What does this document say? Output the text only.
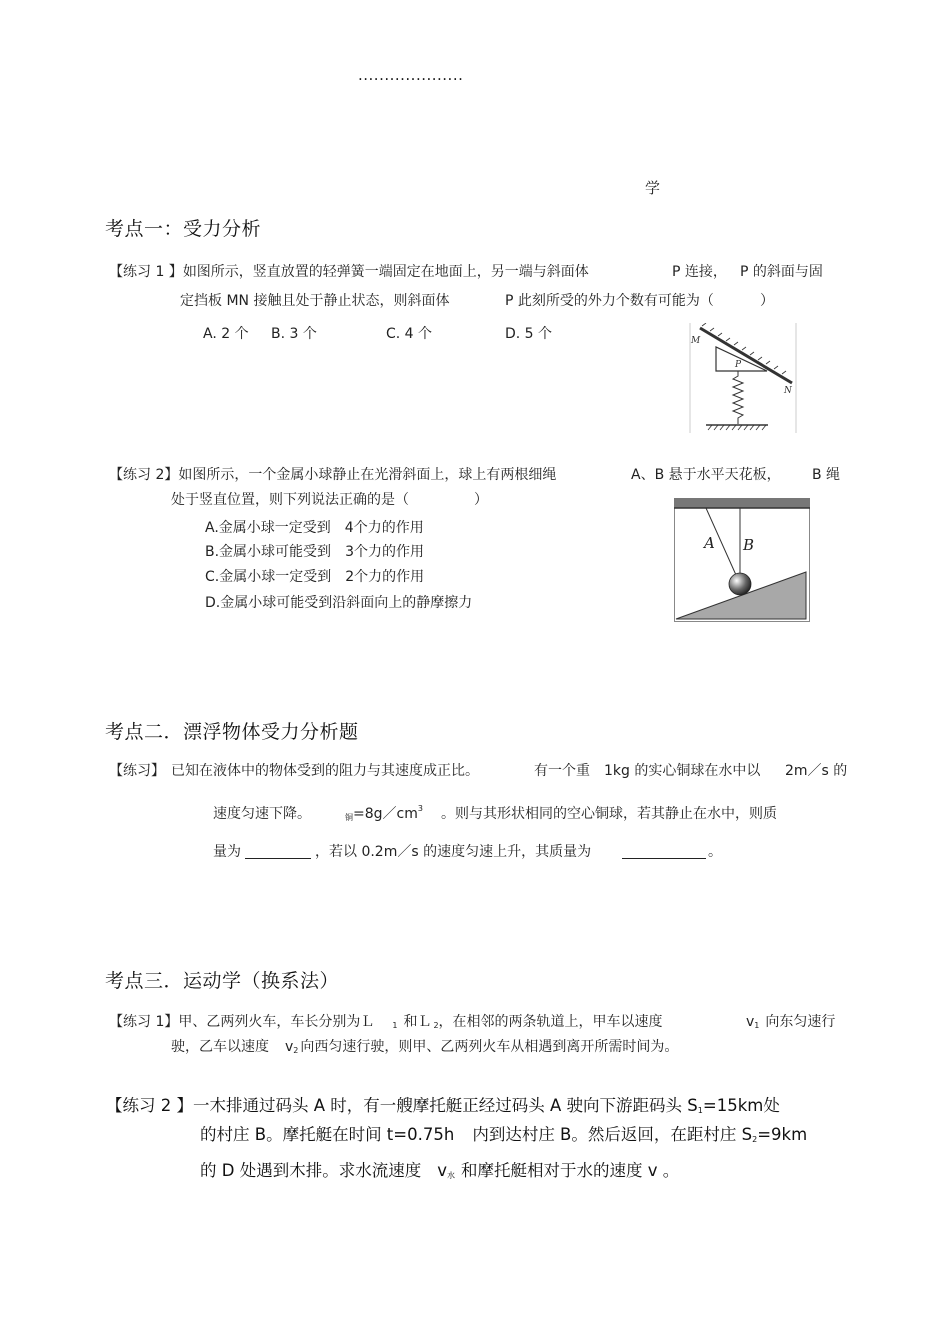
....................
学
考点一：受力分析
【练习 1 】如图所示，竖直放置的轻弹簧一端固定在地面上，另一端与斜面体	P 连接， P 的斜面与固
定挡板 MN 接触且处于静止状态，则斜面体	P 此刻所受的外力个数有可能为（	）
A. 2 个 B. 3 个	C. 4 个	D. 5 个	M
P
N
【练习 2】如图所示，一个金属小球静止在光滑斜面上，球上有两根细绳	A、B 悬于水平天花板， B 绳
处于竖直位置，则下列说法正确的是（	）
A.金属小球一定受到 4个力的作用
B.金属小球可能受到 3个力的作用
C.金属小球一定受到 2个力的作用
D.金属小球可能受到沿斜面向上的静摩擦力
A B
考点二．漂浮物体受力分析题
【练习】 已知在液体中的物体受到的阻力与其速度成正比。	有一个重 1kg 的实心铜球在水中以 2m／s 的
速度匀速下降。	铜$=8g/cm^3$ 。则与其形状相同的空心铜球，若其静止在水中，则质
量为	，若以 0.2m／s 的速度匀速上升，其质量为	。
考点三．运动学（换系法）
【练习 1】甲、乙两列火车，车长分别为Ｌ $_1$ 和Ｌ $_2$，在相邻的两条轨道上，甲车以速度	$v_1$ 向东匀速行
驶，乙车以速度 $v_2$ 向西匀速行驶，则甲、乙两列火车从相遇到离开所需时间为。
【练习 2 】一木排通过码头 A 时，有一艘摩托艇正经过码头 A 驶向下游距码头 $S_1=15km$处
的村庄 B。摩托艇在时间 t=0.75h 内到达村庄 B。然后返回，在距村庄 $S_2=9km$
的 D 处遇到木排。求水流速度 $v_水$ 和摩托艇相对于水的速度 v 。
